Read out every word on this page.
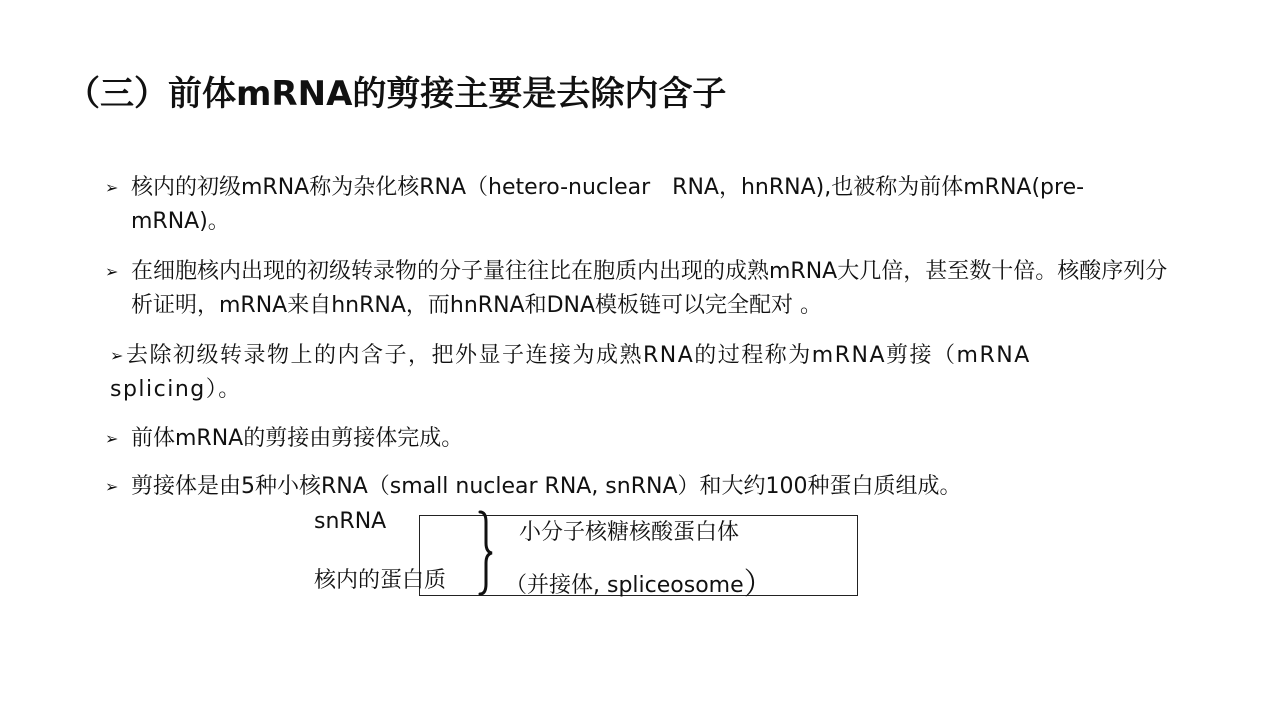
（三）前体mRNA的剪接主要是去除内含子
➢ 核内的初级mRNA称为杂化核RNA（hetero-nuclear　RNA，hnRNA),也被称为前体mRNA(pre-mRNA)。
➢ 在细胞核内出现的初级转录物的分子量往往比在胞质内出现的成熟mRNA大几倍，甚至数十倍。核酸序列分析证明，mRNA来自hnRNA，而hnRNA和DNA模板链可以完全配对 。
➢ 去除初级转录物上的内含子，把外显子连接为成熟RNA的过程称为mRNA剪接（mRNA splicing）。
➢ 前体mRNA的剪接由剪接体完成。
➢ 剪接体是由5种小核RNA（small nuclear RNA, snRNA）和大约100种蛋白质组成。
snRNA
核内的蛋白质
小分子核糖核酸蛋白体
（并接体, spliceosome）
